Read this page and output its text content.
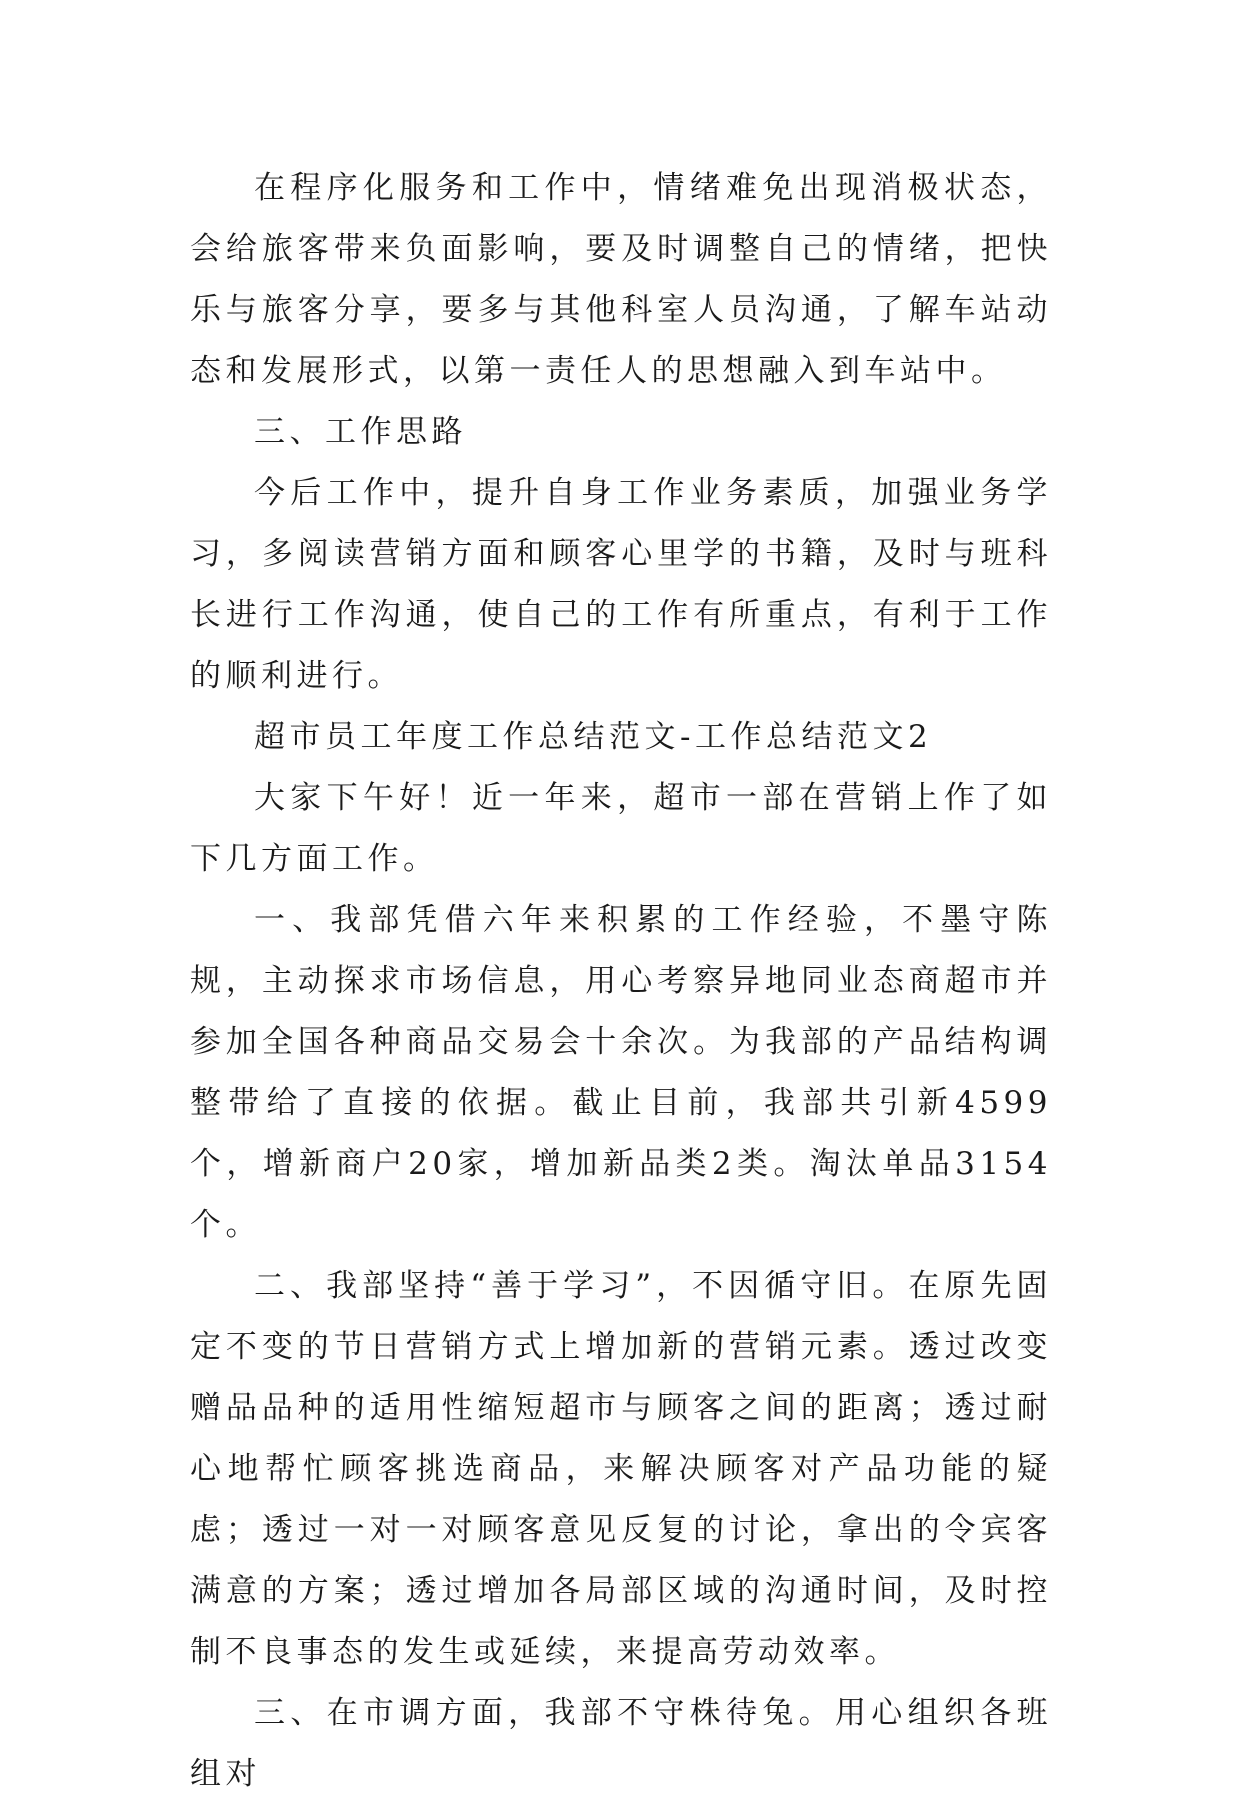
在程序化服务和工作中，情绪难免出现消极状态，会给旅客带来负面影响，要及时调整自己的情绪，把快乐与旅客分享，要多与其他科室人员沟通，了解车站动态和发展形式，以第一责任人的思想融入到车站中。

三、工作思路

今后工作中，提升自身工作业务素质，加强业务学习，多阅读营销方面和顾客心里学的书籍，及时与班科长进行工作沟通，使自己的工作有所重点，有利于工作的顺利进行。

超市员工年度工作总结范文-工作总结范文2

大家下午好！近一年来，超市一部在营销上作了如下几方面工作。

一、我部凭借六年来积累的工作经验，不墨守陈规，主动探求市场信息，用心考察异地同业态商超市并参加全国各种商品交易会十余次。为我部的产品结构调整带给了直接的依据。截止目前，我部共引新4599个，增新商户20家，增加新品类2类。淘汰单品3154个。

二、我部坚持“善于学习”，不因循守旧。在原先固定不变的节日营销方式上增加新的营销元素。透过改变赠品品种的适用性缩短超市与顾客之间的距离；透过耐心地帮忙顾客挑选商品，来解决顾客对产品功能的疑虑；透过一对一对顾客意见反复的讨论，拿出的令宾客满意的方案；透过增加各局部区域的沟通时间，及时控制不良事态的发生或延续，来提高劳动效率。

三、在市调方面，我部不守株待兔。用心组织各班组对
